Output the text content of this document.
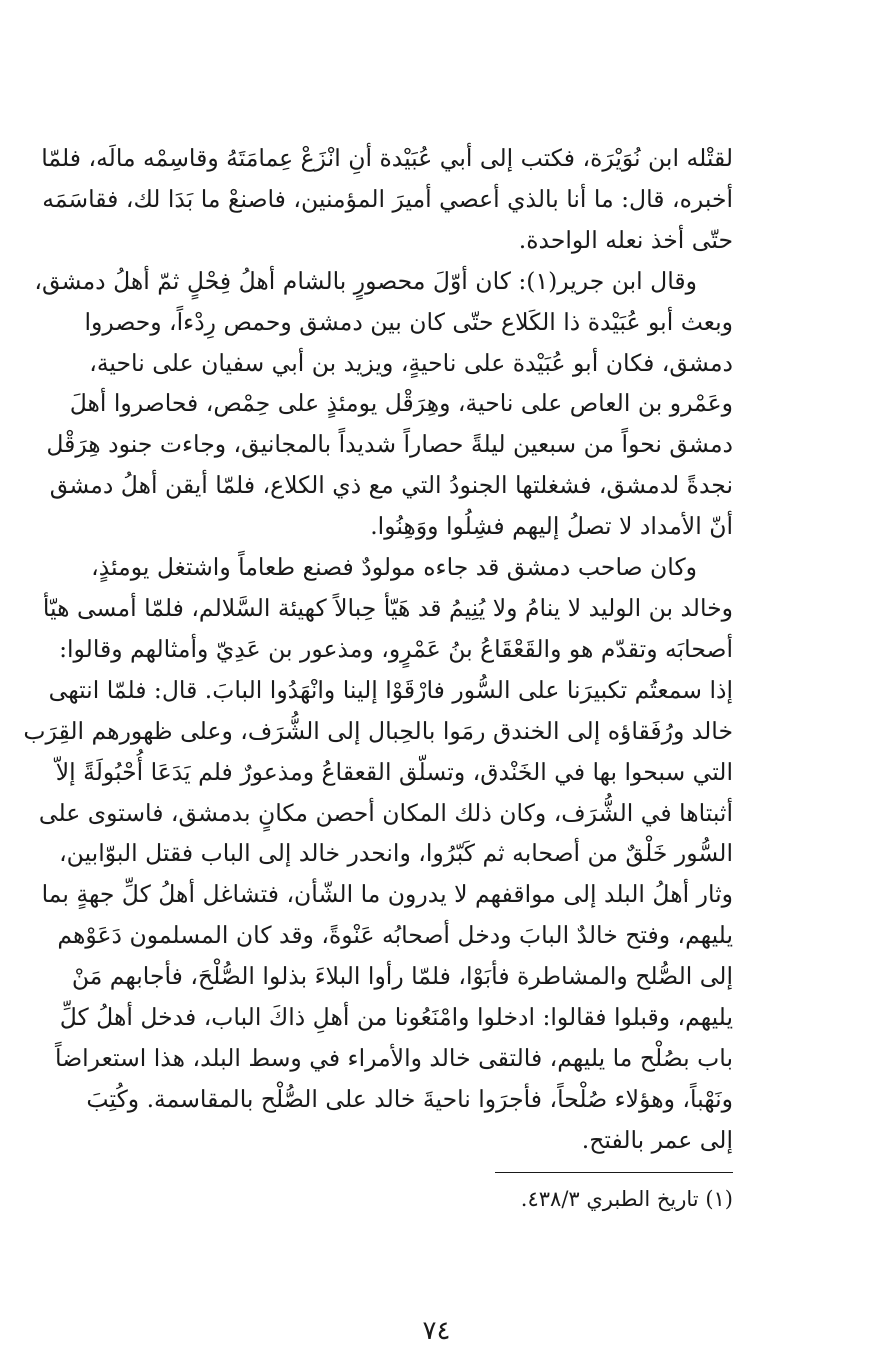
لقتْله ابن نُوَيْرَة، فكتب إلى أبي عُبَيْدة أنِ انْزَعْ عِمامَتَهُ وقاسِمْه مالَه، فلمّا
أخبره، قال: ما أنا بالذي أعصي أميرَ المؤمنين، فاصنعْ ما بَدَا لك، فقاسَمَه
حتّى أخذ نعله الواحدة.
وقال ابن جرير(١): كان أوّلَ محصورٍ بالشام أهلُ فِحْلٍ ثمّ أهلُ دمشق،
وبعث أبو عُبَيْدة ذا الكَلاع حتّى كان بين دمشق وحمص رِدْءاً، وحصروا
دمشق، فكان أبو عُبَيْدة على ناحيةٍ، ويزيد بن أبي سفيان على ناحية،
وعَمْرو بن العاص على ناحية، وهِرَقْل يومئذٍ على حِمْص، فحاصروا أهلَ
دمشق نحواً من سبعين ليلةً حصاراً شديداً بالمجانيق، وجاءت جنود هِرَقْل
نجدةً لدمشق، فشغلتها الجنودُ التي مع ذي الكلاع، فلمّا أيقن أهلُ دمشق
أنّ الأمداد لا تصلُ إليهم فشِلُوا ووَهِنُوا.
وكان صاحب دمشق قد جاءه مولودٌ فصنع طعاماً واشتغل يومئذٍ،
وخالد بن الوليد لا ينامُ ولا يُنِيمُ قد هَيّأ حِبالاً كهيئة السَّلالم، فلمّا أمسى هيّأ
أصحابَه وتقدّم هو والقَعْقَاعُ بنُ عَمْرٍو، ومذعور بن عَدِيّ وأمثالهم وقالوا:
إذا سمعتُم تكبيرَنا على السُّور فارْقَوْا إلينا وانْهَدُوا البابَ. قال: فلمّا انتهى
خالد ورُفَقاؤه إلى الخندق رمَوا بالحِبال إلى الشُّرَف، وعلى ظهورهم القِرَب
التي سبحوا بها في الخَنْدق، وتسلّق القعقاعُ ومذعورٌ فلم يَدَعَا أُحْبُولَةً إلاّ
أثبتاها في الشُّرَف، وكان ذلك المكان أحصن مكانٍ بدمشق، فاستوى على
السُّور خَلْقٌ من أصحابه ثم كَبّرُوا، وانحدر خالد إلى الباب فقتل البوّابين،
وثار أهلُ البلد إلى مواقفهم لا يدرون ما الشّأن، فتشاغل أهلُ كلِّ جهةٍ بما
يليهم، وفتح خالدٌ البابَ ودخل أصحابُه عَنْوةً، وقد كان المسلمون دَعَوْهم
إلى الصُّلح والمشاطرة فأبَوْا، فلمّا رأوا البلاءَ بذلوا الصُّلْحَ، فأجابهم مَنْ
يليهم، وقبلوا فقالوا: ادخلوا وامْنَعُونا من أهلِ ذاكَ الباب، فدخل أهلُ كلِّ
باب بصُلْح ما يليهم، فالتقى خالد والأمراء في وسط البلد، هذا استعراضاً
ونَهْباً، وهؤلاء صُلْحاً، فأجرَوا ناحيةَ خالد على الصُّلْح بالمقاسمة. وكُتِبَ
إلى عمر بالفتح.
(١) تاريخ الطبري ٤٣٨/٣.
٧٤
